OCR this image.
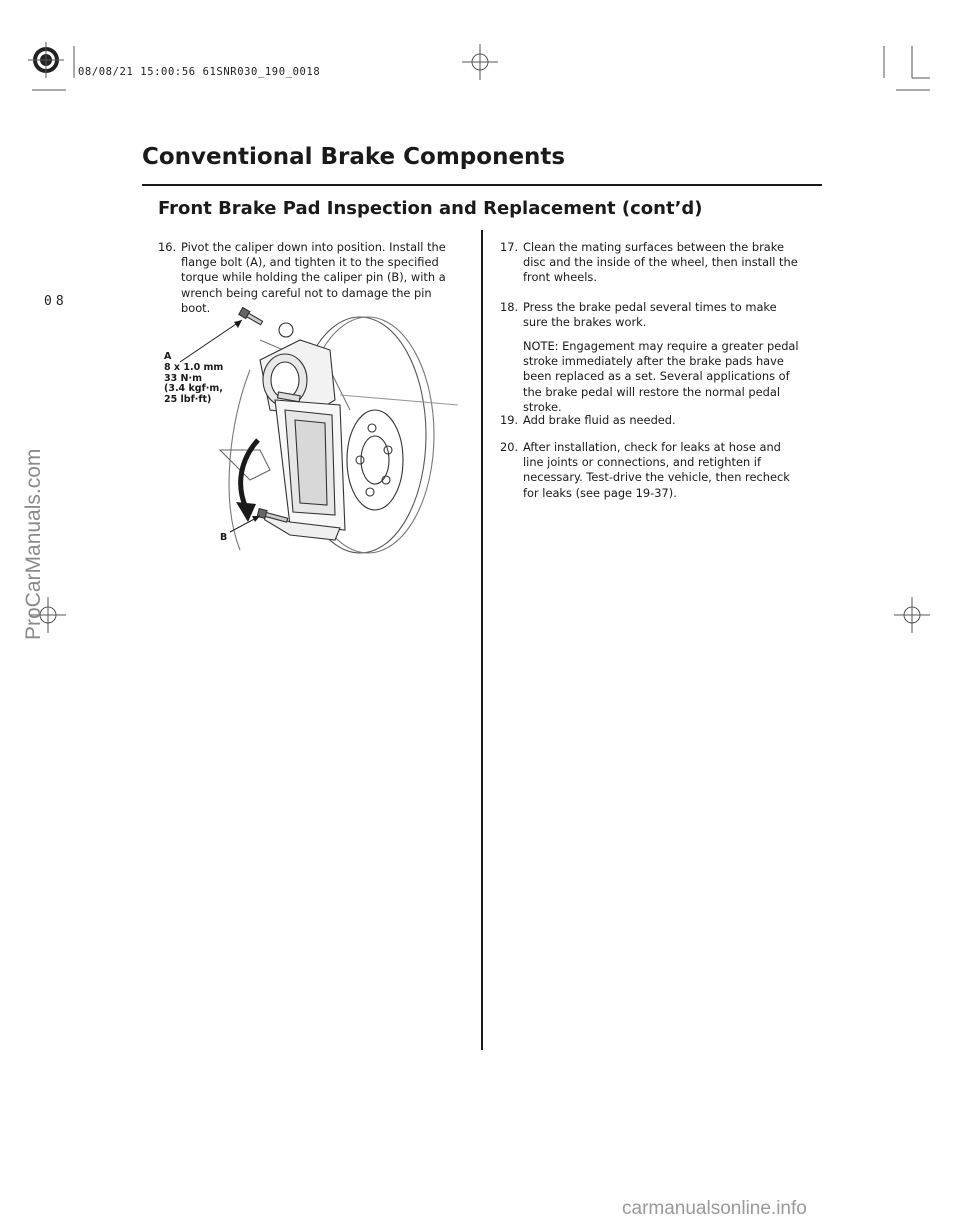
08/08/21 15:00:56 61SNR030_190_0018
08
Conventional Brake Components
Front Brake Pad Inspection and Replacement (cont’d)
16. Pivot the caliper down into position. Install the flange bolt (A), and tighten it to the specified torque while holding the caliper pin (B), with a wrench being careful not to damage the pin boot.
A
8 x 1.0 mm
33 N·m
(3.4 kgf·m,
25 lbf·ft)
B
17. Clean the mating surfaces between the brake disc and the inside of the wheel, then install the front wheels.
18. Press the brake pedal several times to make sure the brakes work.
NOTE: Engagement may require a greater pedal stroke immediately after the brake pads have been replaced as a set. Several applications of the brake pedal will restore the normal pedal stroke.
19. Add brake fluid as needed.
20. After installation, check for leaks at hose and line joints or connections, and retighten if necessary. Test-drive the vehicle, then recheck for leaks (see page 19-37).
ProCarManuals.com
carmanualsonline.info
